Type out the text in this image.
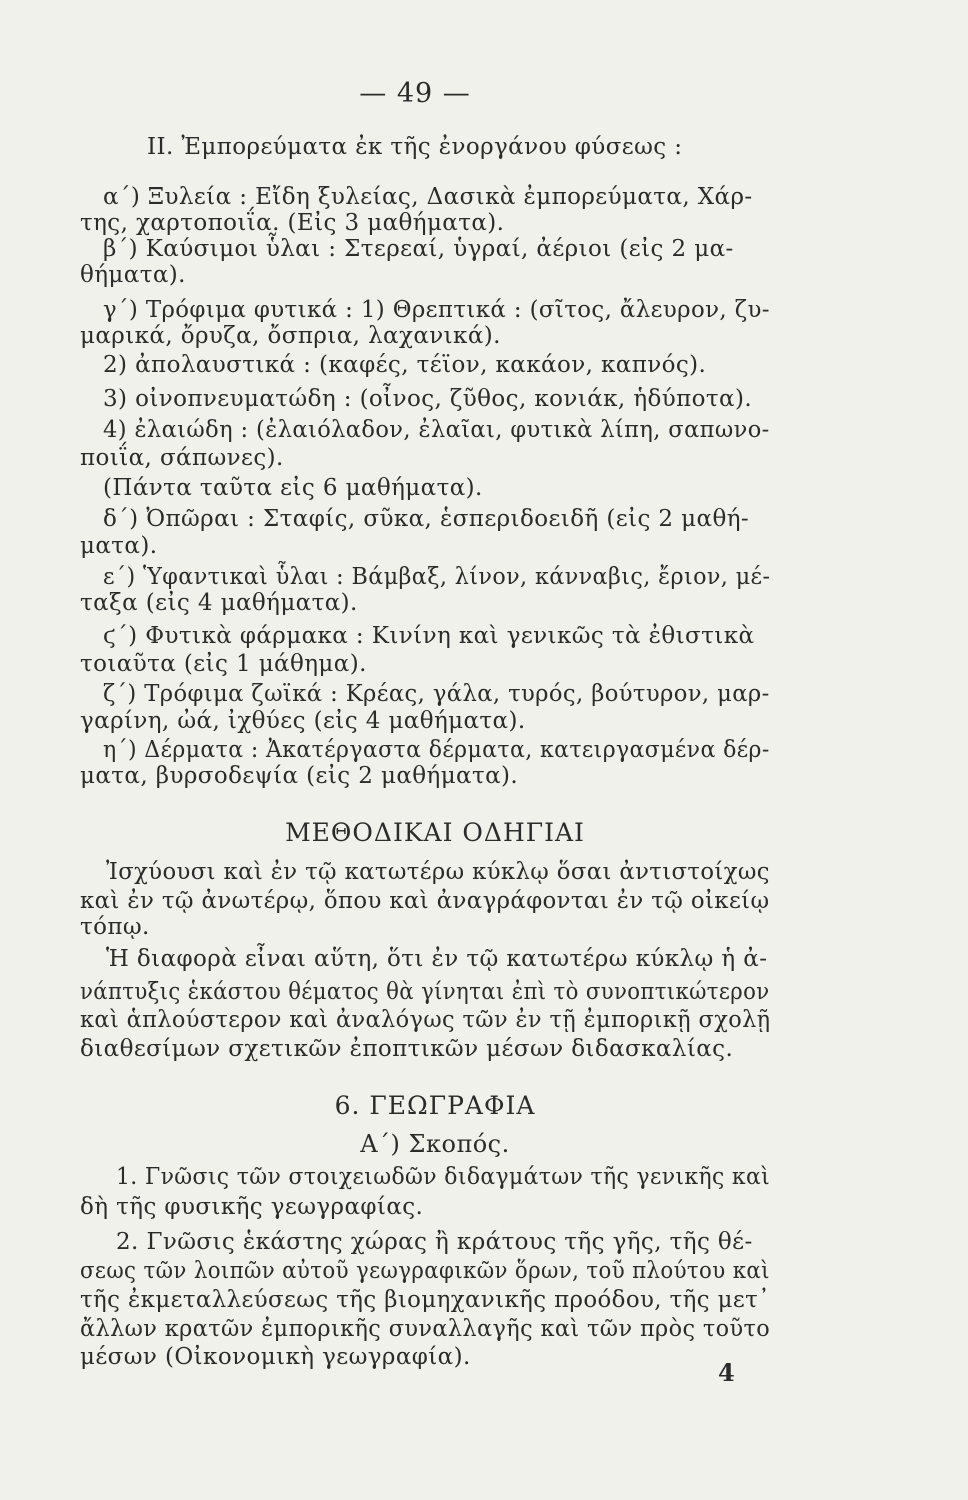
— 49 —
II. Ἐμπορεύματα ἐκ τῆς ἐνοργάνου φύσεως :
α΄) Ξυλεία : Εἴδη ξυλείας, Δασικὰ ἐμπορεύματα, Χάρ-
της, χαρτοποιΐα. (Εἰς 3 μαθήματα).
β΄) Καύσιμοι ὗλαι : Στερεαί, ὑγραί, ἀέριοι (εἰς 2 μα-
θήματα).
γ΄) Τρόφιμα φυτικά : 1) Θρεπτικά : (σῖτος, ἄλευρον, ζυ-
μαρικά, ὄρυζα, ὄσπρια, λαχανικά).
2) ἀπολαυστικά : (καφές, τέϊον, κακάον, καπνός).
3) οἰνοπνευματώδη : (οἶνος, ζῦθος, κονιάκ, ἡδύποτα).
4) ἐλαιώδη : (ἐλαιόλαδον, ἐλαῖαι, φυτικὰ λίπη, σαπωνο-
ποιΐα, σάπωνες).
(Πάντα ταῦτα εἰς 6 μαθήματα).
δ΄) Ὀπῶραι : Σταφίς, σῦκα, ἑσπεριδοειδῆ (εἰς 2 μαθή-
ματα).
ε΄) Ὑφαντικαὶ ὗλαι : Βάμβαξ, λίνον, κάνναβις, ἔριον, μέ-
ταξα (εἰς 4 μαθήματα).
ϛ΄) Φυτικὰ φάρμακα : Κινίνη καὶ γενικῶς τὰ ἐθιστικὰ
τοιαῦτα (εἰς 1 μάθημα).
ζ΄) Τρόφιμα ζωϊκά : Κρέας, γάλα, τυρός, βούτυρον, μαρ-
γαρίνη, ὠά, ἰχθύες (εἰς 4 μαθήματα).
η΄) Δέρματα : Ἀκατέργαστα δέρματα, κατειργασμένα δέρ-
ματα, βυρσοδεψία (εἰς 2 μαθήματα).
ΜΕΘΟΔΙΚΑΙ ΟΔΗΓΙΑΙ
Ἰσχύουσι καὶ ἐν τῷ κατωτέρω κύκλῳ ὅσαι ἀντιστοίχως
καὶ ἐν τῷ ἀνωτέρῳ, ὅπου καὶ ἀναγράφονται ἐν τῷ οἰκείῳ
τόπῳ.
Ἡ διαφορὰ εἶναι αὕτη, ὅτι ἐν τῷ κατωτέρω κύκλῳ ἡ ἀ-
νάπτυξις ἑκάστου θέματος θὰ γίνηται ἐπὶ τὸ συνοπτικώτερον
καὶ ἁπλούστερον καὶ ἀναλόγως τῶν ἐν τῇ ἐμπορικῇ σχολῇ
διαθεσίμων σχετικῶν ἐποπτικῶν μέσων διδασκαλίας.
6. ΓΕΩΓΡΑΦΙΑ
Α΄) Σκοπός.
1. Γνῶσις τῶν στοιχειωδῶν διδαγμάτων τῆς γενικῆς καὶ
δὴ τῆς φυσικῆς γεωγραφίας.
2. Γνῶσις ἑκάστης χώρας ἢ κράτους τῆς γῆς, τῆς θέ-
σεως τῶν λοιπῶν αὐτοῦ γεωγραφικῶν ὅρων, τοῦ πλούτου καὶ
τῆς ἐκμεταλλεύσεως τῆς βιομηχανικῆς προόδου, τῆς μετ᾿
ἄλλων κρατῶν ἐμπορικῆς συναλλαγῆς καὶ τῶν πρὸς τοῦτο
μέσων (Οἰκονομικὴ γεωγραφία).
4
